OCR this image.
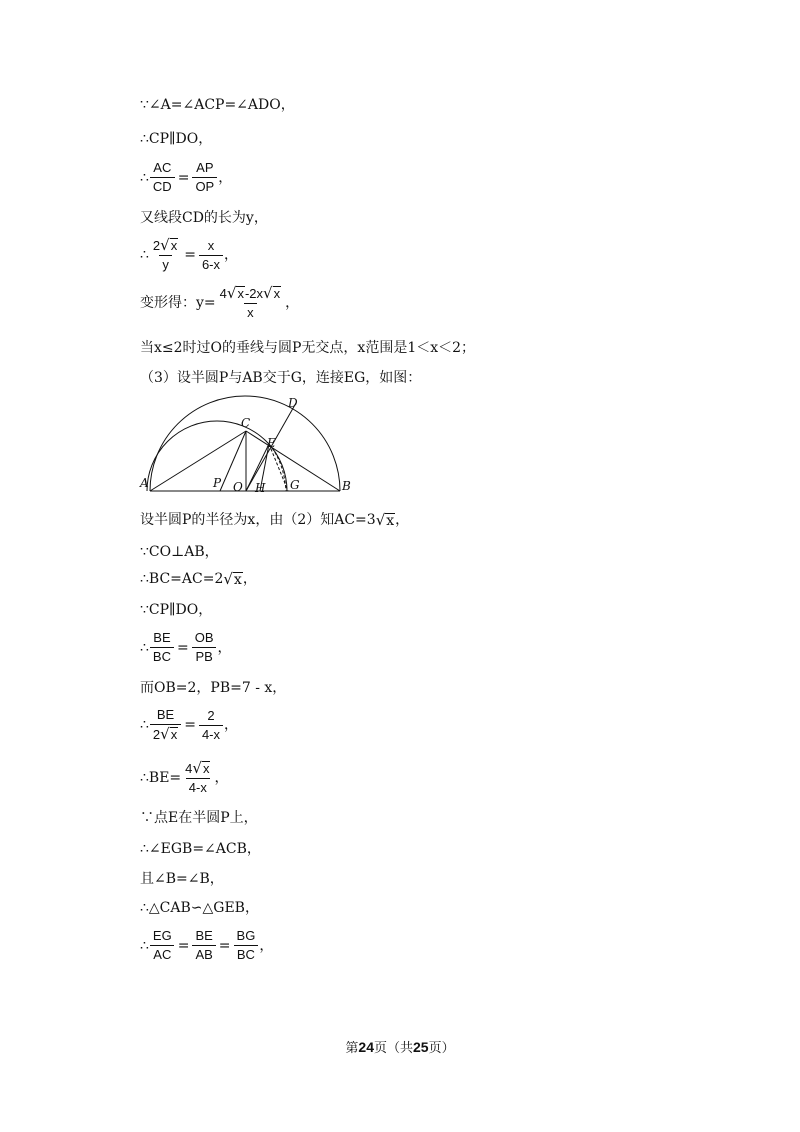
∵∠A=∠ACP=∠ADO，
∴CP∥DO，
∴ $\frac{AC}{CD} = \frac{AP}{OP}$ ，
又线段CD的长为y，
∴ $\frac{2 √ x}{y} = \frac{x}{6-x}$ ，
变形得：$y= \frac{4 √ x -2x √ x}{x}$ ，
当x≤2时过O的垂线与圆P无交点，x范围是1＜x＜2；
（3）设半圆P与AB交于G，连接EG，如图：
A	B
C
D
E
P O H G
设半圆P的半径为x，由（2）知AC=3 √ x ，
∵CO⊥AB，
∴BC=AC=2 √ x ，
∵CP∥DO，
∴ $\frac{BE}{BC} = \frac{OB}{PB}$ ，
而OB=2，PB=7 - x，
∴ $\frac{BE}{2 √ x} = \frac{2}{4-x}$ ，
∴BE= $\frac{4 √ x}{4-x}$ ，
∵点E在半圆P上，
∴∠EGB=∠ACB，
且∠B=∠B，
∴△CAB∽△GEB，
∴ $\frac{EG}{AC} = \frac{BE}{AB} = \frac{BG}{BC}$ ，
第24页（共25页）
